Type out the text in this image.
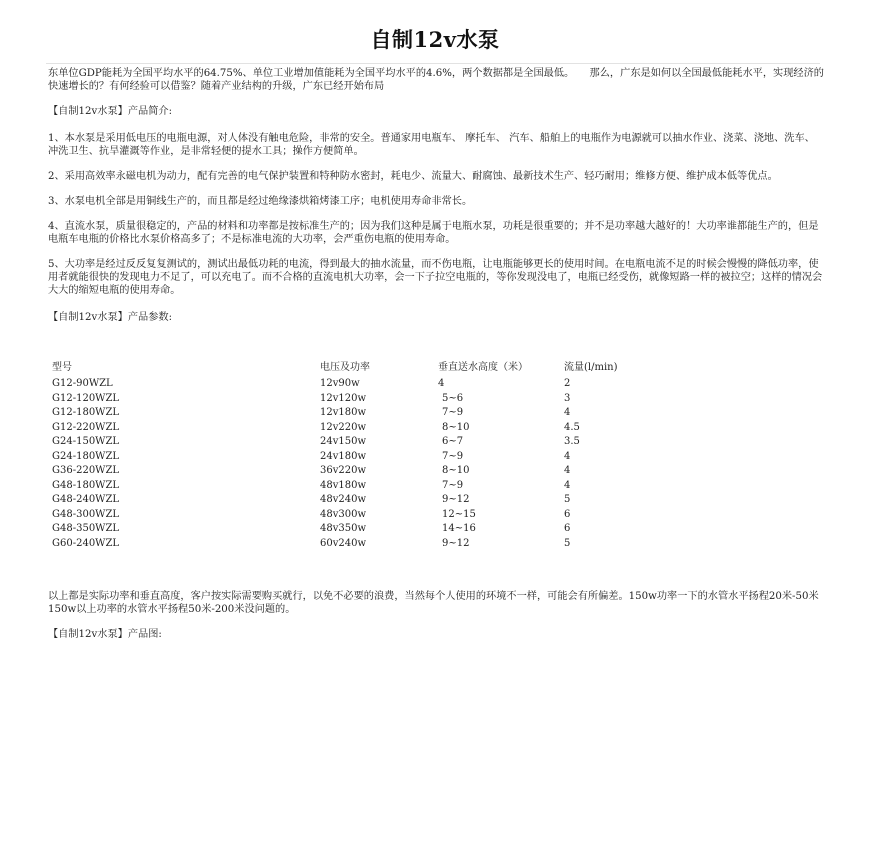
自制12v水泵

东单位GDP能耗为全国平均水平的64.75%、单位工业增加值能耗为全国平均水平的4.6%，两个数据都是全国最低。　　那么，广东是如何以全国最低能耗水平，实现经济的快速增长的？有何经验可以借鉴？随着产业结构的升级，广东已经开始布局

【自制12v水泵】产品简介:

1、本水泵是采用低电压的电瓶电源，对人体没有触电危险，非常的安全。普通家用电瓶车、 摩托车、 汽车、船舶上的电瓶作为电源就可以抽水作业、浇菜、浇地、洗车、冲洗卫生、抗旱灌溉等作业，是非常轻便的提水工具；操作方便简单。

2、采用高效率永磁电机为动力，配有完善的电气保护装置和特种防水密封，耗电少、流量大、耐腐蚀、最新技术生产、轻巧耐用；维修方便、维护成本低等优点。

3、水泵电机全部是用铜线生产的，而且都是经过绝缘漆烘箱烤漆工序；电机使用寿命非常长。

4、直流水泵，质量很稳定的，产品的材料和功率都是按标准生产的；因为我们这种是属于电瓶水泵，功耗是很重要的；并不是功率越大越好的！大功率谁都能生产的，但是电瓶车电瓶的价格比水泵价格高多了；不是标准电流的大功率，会严重伤电瓶的使用寿命。

5、大功率是经过反反复复测试的，测试出最低功耗的电流，得到最大的抽水流量，而不伤电瓶，让电瓶能够更长的使用时间。在电瓶电流不足的时候会慢慢的降低功率，使用者就能很快的发现电力不足了，可以充电了。而不合格的直流电机大功率，会一下子拉空电瓶的，等你发现没电了，电瓶已经受伤，就像短路一样的被拉空；这样的情况会大大的缩短电瓶的使用寿命。

【自制12v水泵】产品参数:

型号	电压及功率	垂直送水高度（米）	流量(l/min)
G12-90WZL	12v90w	4	2
G12-120WZL	12v120w	5~6	3
G12-180WZL	12v180w	7~9	4
G12-220WZL	12v220w	8~10	4.5
G24-150WZL	24v150w	6~7	3.5
G24-180WZL	24v180w	7~9	4
G36-220WZL	36v220w	8~10	4
G48-180WZL	48v180w	7~9	4
G48-240WZL	48v240w	9~12	5
G48-300WZL	48v300w	12~15	6
G48-350WZL	48v350w	14~16	6
G60-240WZL	60v240w	9~12	5

以上都是实际功率和垂直高度，客户按实际需要购买就行，以免不必要的浪费，当然每个人使用的环境不一样，可能会有所偏差。150w功率一下的水管水平扬程20米-50米 150w以上功率的水管水平扬程50米-200米没问题的。

【自制12v水泵】产品图:
